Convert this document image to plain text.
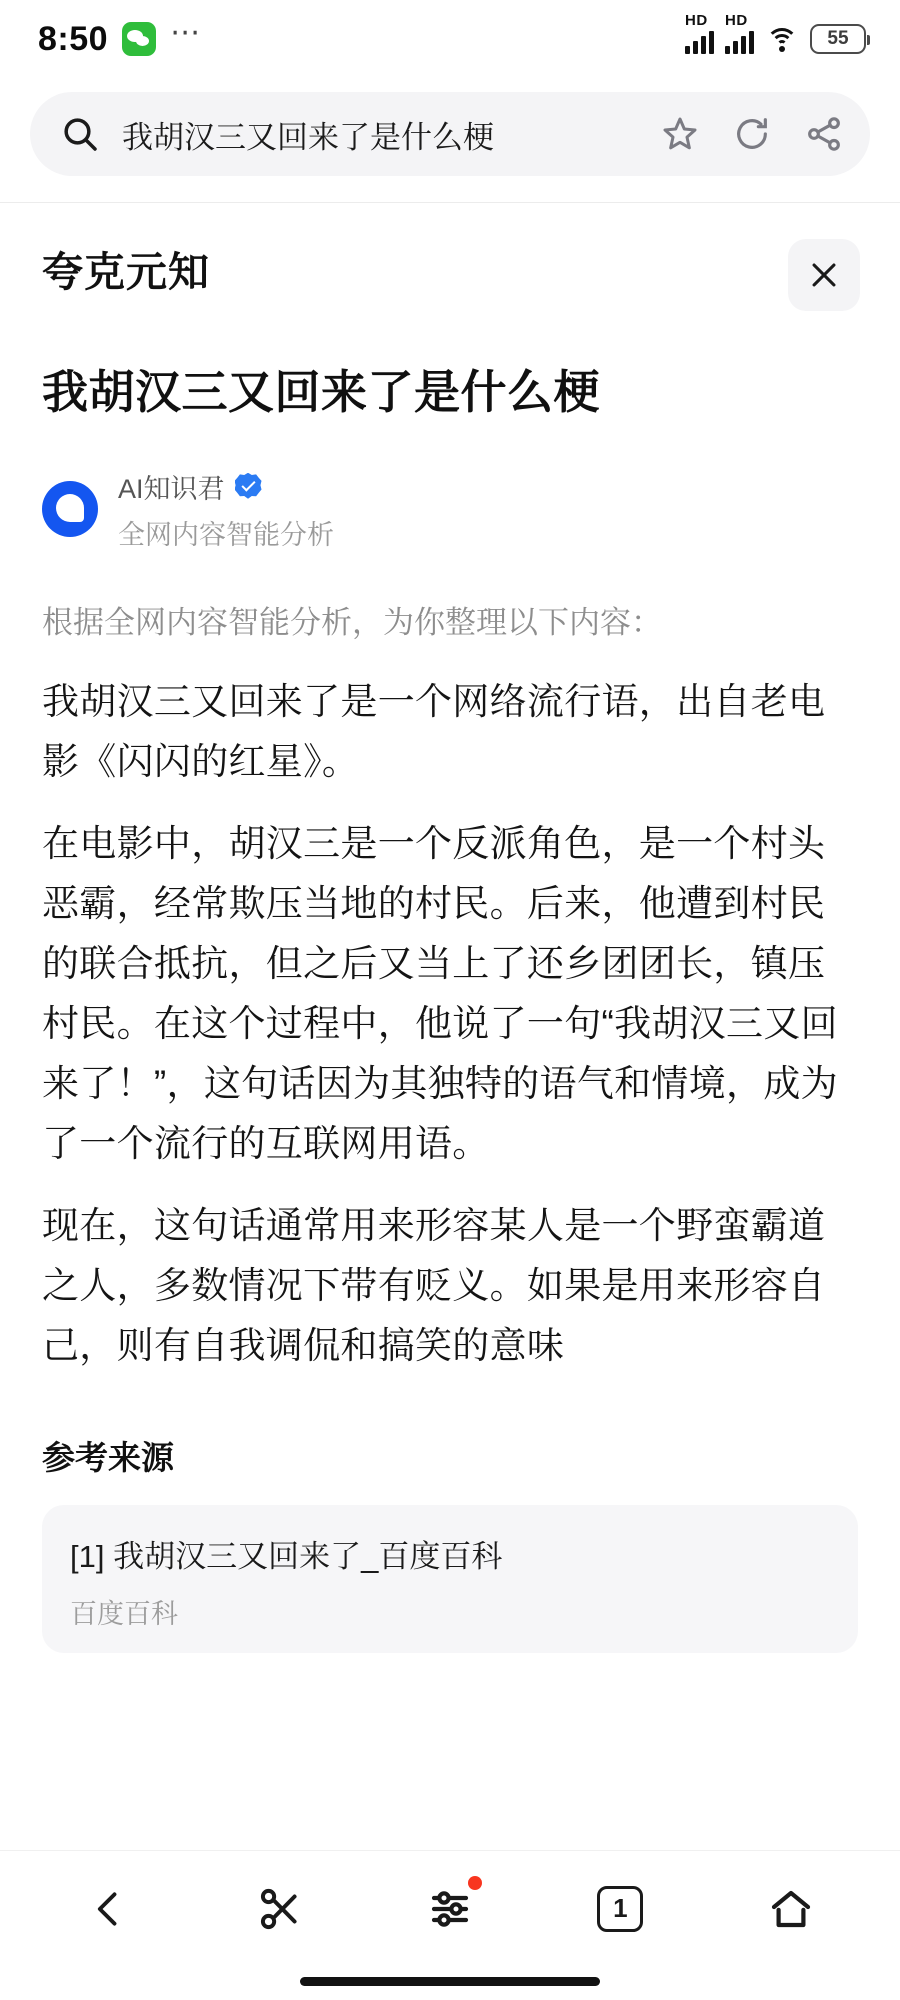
8:50 ⋯	HD HD
55
我胡汉三又回来了是什么梗
夸克元知
我胡汉三又回来了是什么梗
AI知识君
全网内容智能分析
根据全网内容智能分析，为你整理以下内容：
我胡汉三又回来了是一个网络流行语，出自老电影《闪闪的红星》。
在电影中，胡汉三是一个反派角色，是一个村头恶霸，经常欺压当地的村民。后来，他遭到村民的联合抵抗，但之后又当上了还乡团团长，镇压村民。在这个过程中，他说了一句“我胡汉三又回来了！”，这句话因为其独特的语气和情境，成为了一个流行的互联网用语。
现在，这句话通常用来形容某人是一个野蛮霸道之人，多数情况下带有贬义。如果是用来形容自己，则有自我调侃和搞笑的意味
参考来源
[1] 我胡汉三又回来了_百度百科
百度百科
1
